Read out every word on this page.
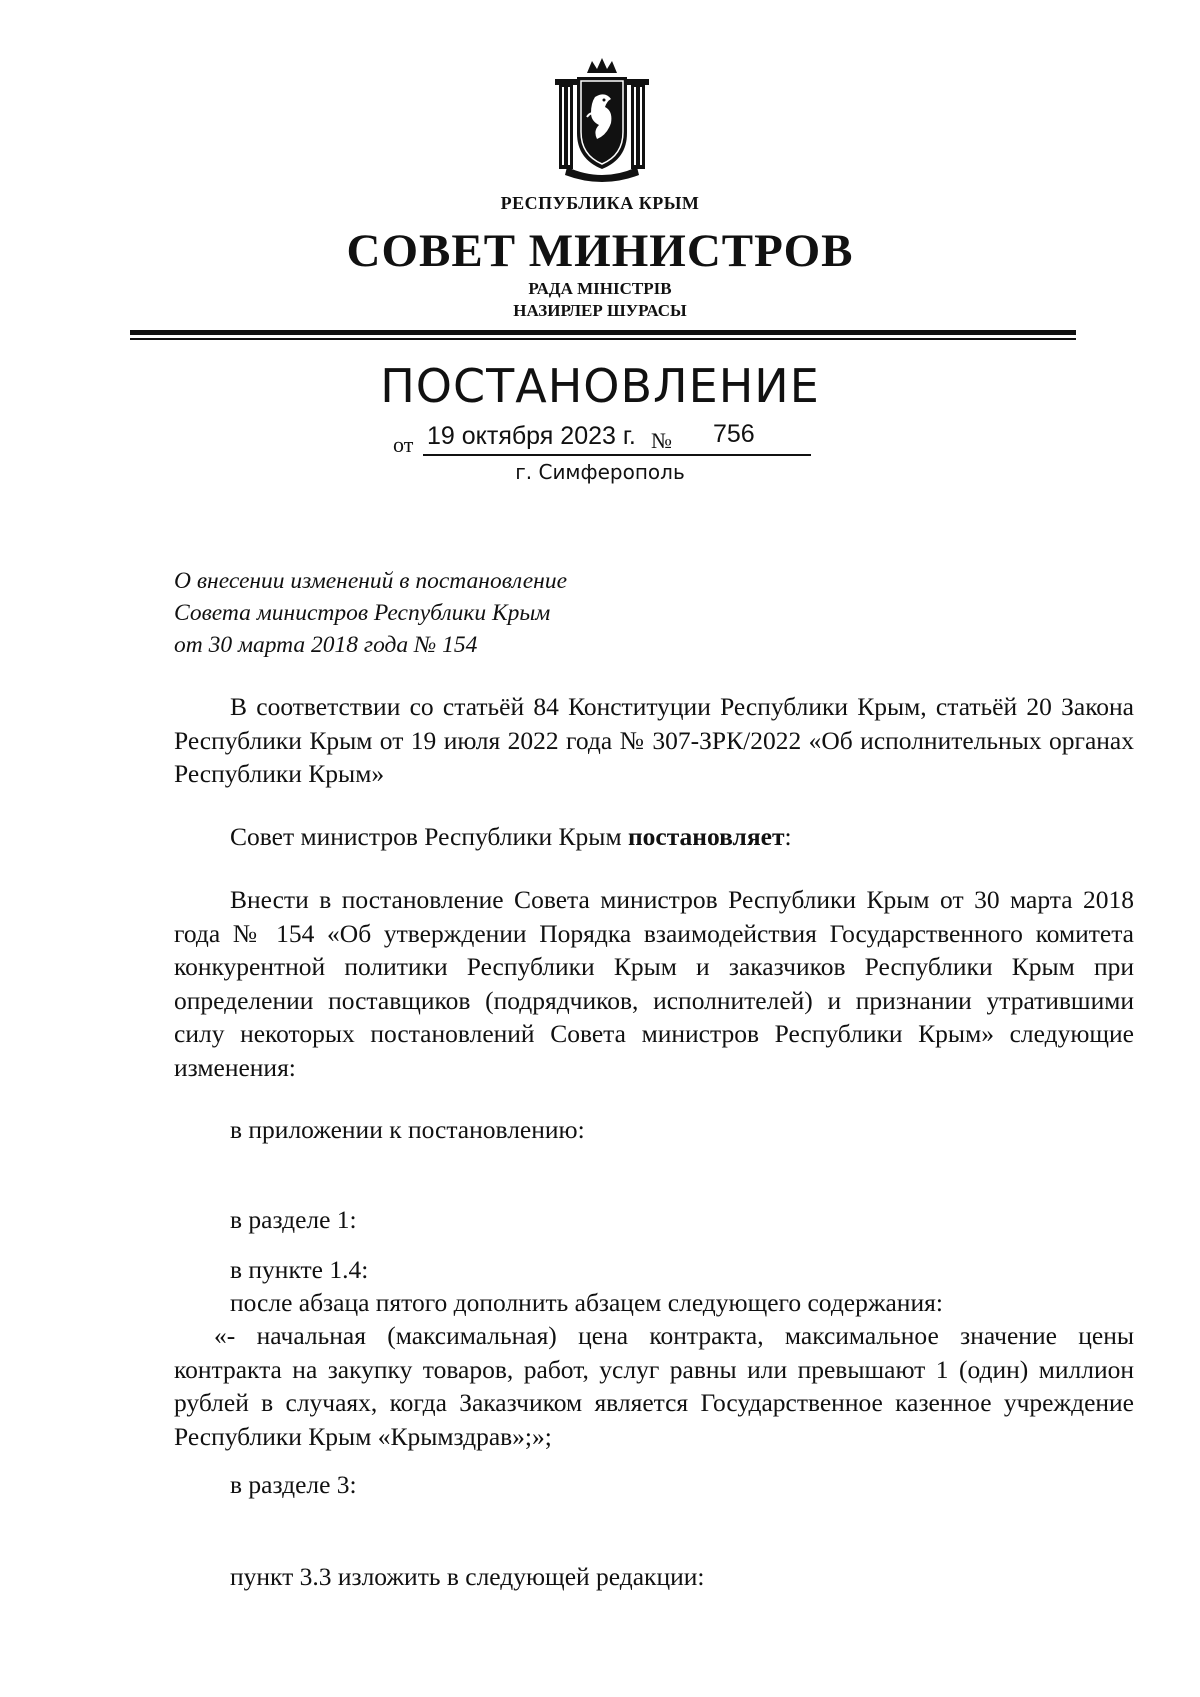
РЕСПУБЛИКА КРЫМ
СОВЕТ МИНИСТРОВ
РАДА МІНІСТРІВ
НАЗИРЛЕР ШУРАСЫ
ПОСТАНОВЛЕНИЕ
от 19 октября 2023 г. № 756
г. Симферополь
О внесении изменений в постановление
Совета министров Республики Крым
от 30 марта 2018 года № 154
В соответствии со статьёй 84 Конституции Республики Крым, статьёй 20 Закона Республики Крым от 19 июля 2022 года № 307-ЗРК/2022 «Об исполнительных органах Республики Крым»
Совет министров Республики Крым постановляет:
Внести в постановление Совета министров Республики Крым от 30 марта 2018 года № 154 «Об утверждении Порядка взаимодействия Государственного комитета конкурентной политики Республики Крым и заказчиков Республики Крым при определении поставщиков (подрядчиков, исполнителей) и признании утратившими силу некоторых постановлений Совета министров Республики Крым» следующие изменения:
в приложении к постановлению:
в разделе 1:
в пункте 1.4:
после абзаца пятого дополнить абзацем следующего содержания:
«- начальная (максимальная) цена контракта, максимальное значение цены контракта на закупку товаров, работ, услуг равны или превышают 1 (один) миллион рублей в случаях, когда Заказчиком является Государственное казенное учреждение Республики Крым «Крымздрав»;»;
в разделе 3:
пункт 3.3 изложить в следующей редакции:
